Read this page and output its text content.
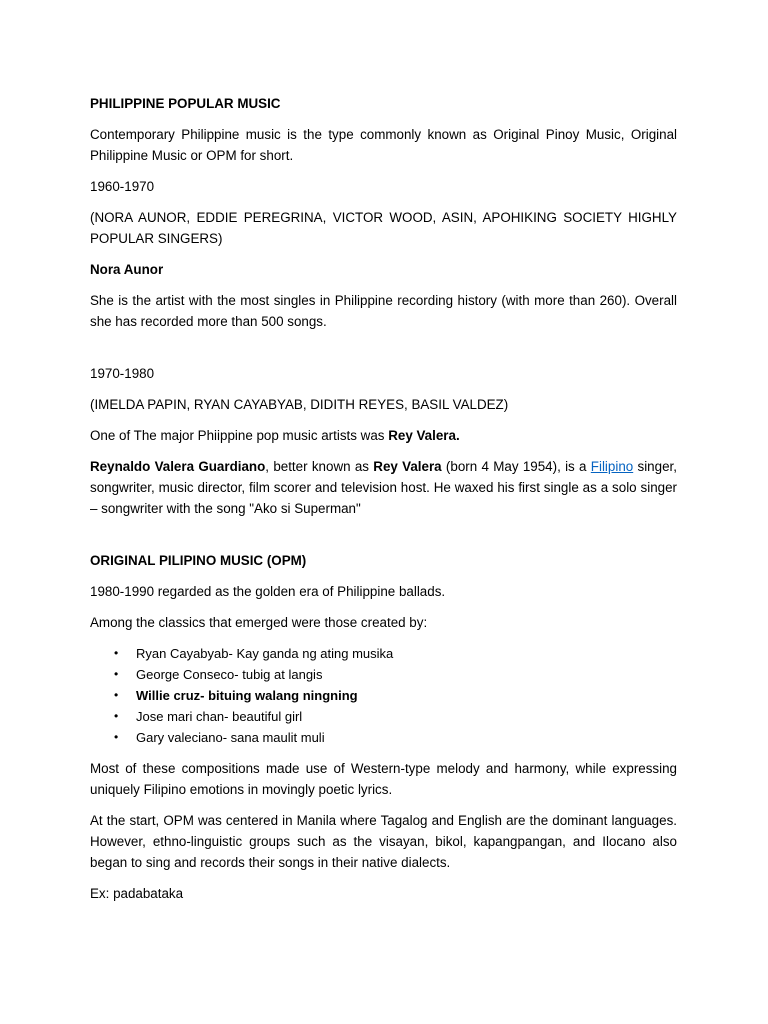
PHILIPPINE POPULAR MUSIC

Contemporary Philippine music is the type commonly known as Original Pinoy Music, Original Philippine Music or OPM for short.

1960-1970

(NORA AUNOR, EDDIE PEREGRINA, VICTOR WOOD, ASIN, APOHIKING SOCIETY HIGHLY POPULAR SINGERS)

Nora Aunor

She is the artist with the most singles in Philippine recording history (with more than 260). Overall she has recorded more than 500 songs.

1970-1980

(IMELDA PAPIN, RYAN CAYABYAB, DIDITH REYES, BASIL VALDEZ)

One of The major Phiippine pop music artists was Rey Valera.

Reynaldo Valera Guardiano, better known as Rey Valera (born 4 May 1954), is a Filipino singer, songwriter, music director, film scorer and television host. He waxed his first single as a solo singer – songwriter with the song "Ako si Superman"

ORIGINAL PILIPINO MUSIC (OPM)

1980-1990 regarded as the golden era of Philippine ballads.

Among the classics that emerged were those created by:

• Ryan Cayabyab- Kay ganda ng ating musika
• George Conseco- tubig at langis
• Willie cruz- bituing walang ningning
• Jose mari chan- beautiful girl
• Gary valeciano- sana maulit muli

Most of these compositions made use of Western-type melody and harmony, while expressing uniquely Filipino emotions in movingly poetic lyrics.

At the start, OPM was centered in Manila where Tagalog and English are the dominant languages. However, ethno-linguistic groups such as the visayan, bikol, kapangpangan, and Ilocano also began to sing and records their songs in their native dialects.

Ex: padabataka
